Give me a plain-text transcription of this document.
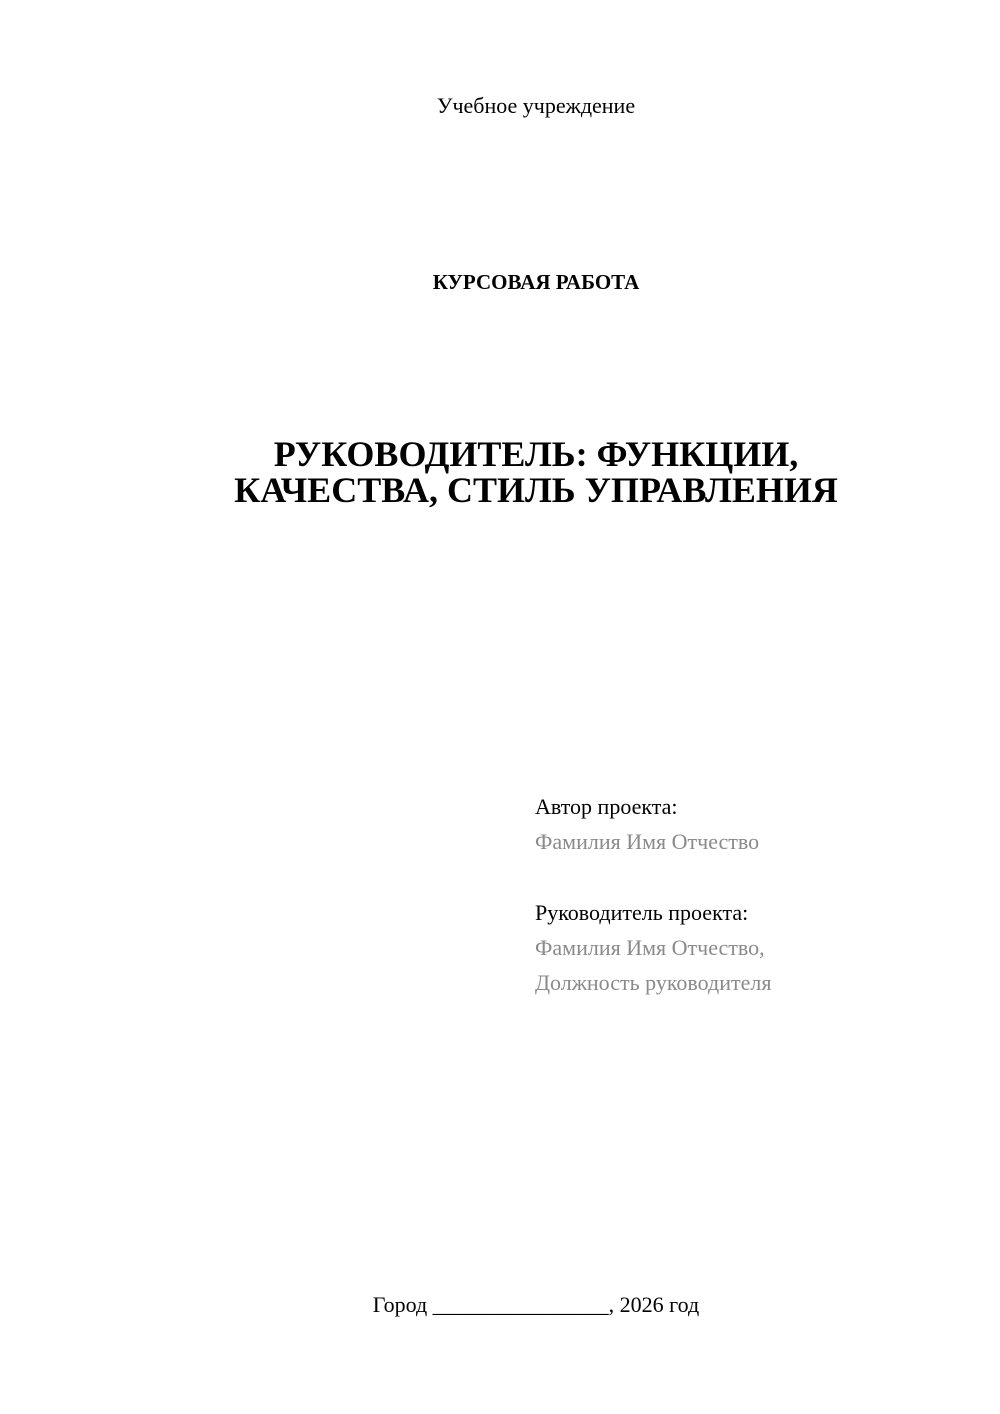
Учебное учреждение
КУРСОВАЯ РАБОТА
РУКОВОДИТЕЛЬ: ФУНКЦИИ,
КАЧЕСТВА, СТИЛЬ УПРАВЛЕНИЯ
Автор проекта:
Фамилия Имя Отчество
Руководитель проекта:
Фамилия Имя Отчество,
Должность руководителя
Город ________________, 2026 год
